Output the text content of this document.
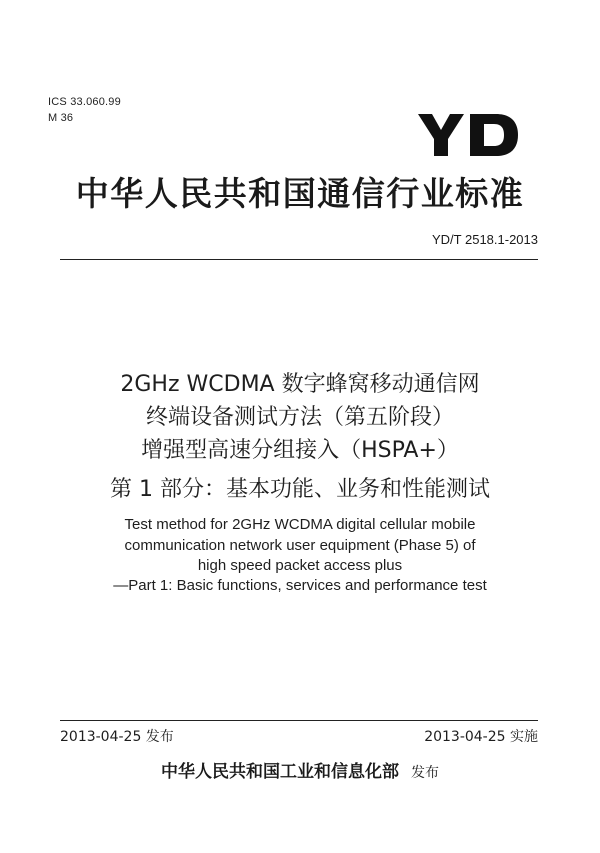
ICS 33.060.99
M 36
中华人民共和国通信行业标准
YD/T 2518.1-2013
2GHz WCDMA 数字蜂窝移动通信网
终端设备测试方法（第五阶段）
增强型高速分组接入（HSPA+）
第 1 部分：基本功能、业务和性能测试
Test method for 2GHz WCDMA digital cellular mobile
communication network user equipment (Phase 5) of
high speed packet access plus
—Part 1: Basic functions, services and performance test
2013-04-25 发布	2013-04-25 实施
中华人民共和国工业和信息化部 发布
